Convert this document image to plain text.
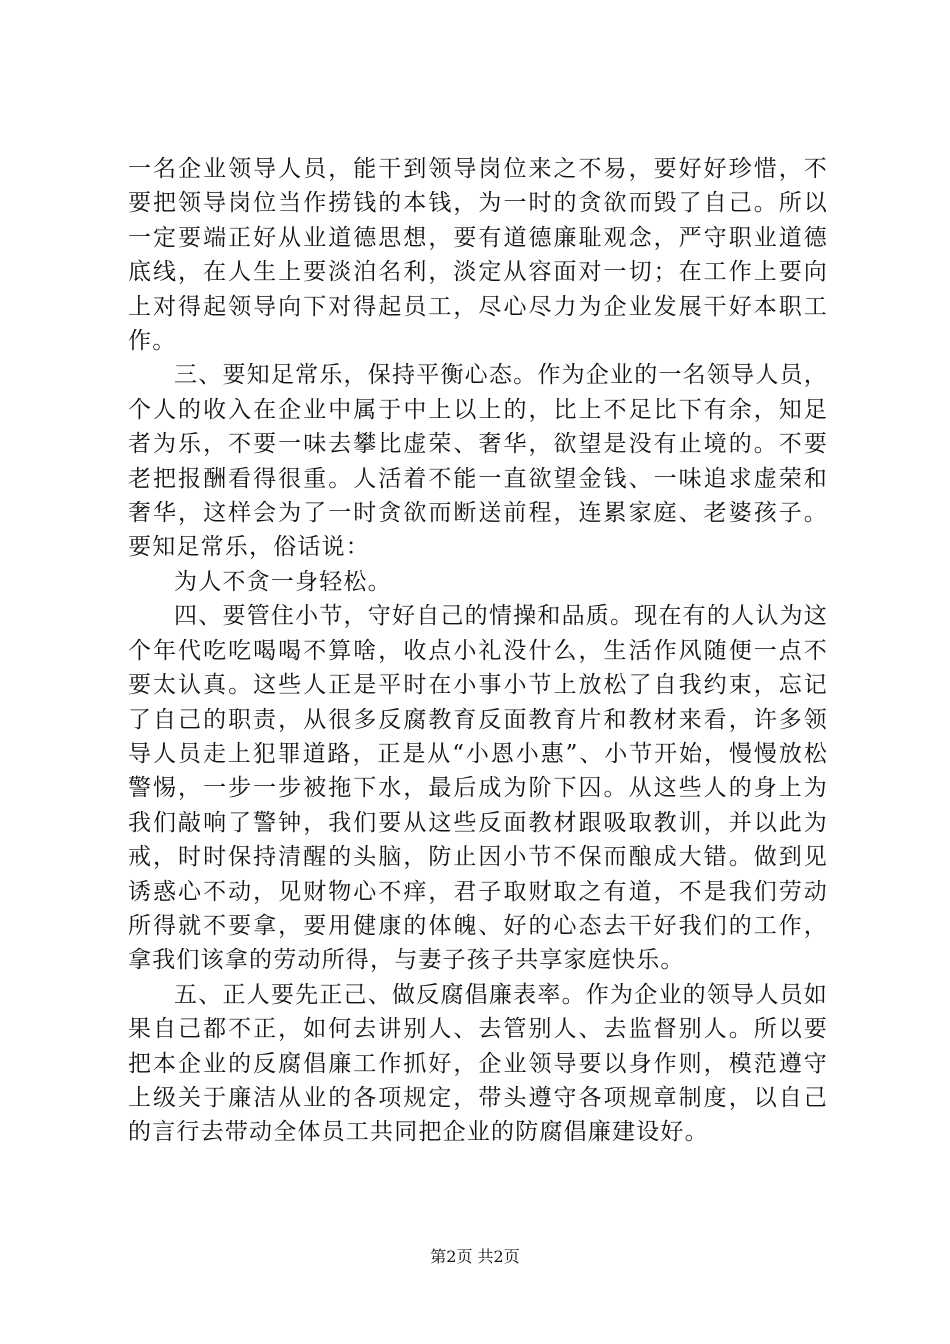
一名企业领导人员，能干到领导岗位来之不易，要好好珍惜，不要把领导岗位当作捞钱的本钱，为一时的贪欲而毁了自己。所以一定要端正好从业道德思想，要有道德廉耻观念，严守职业道德底线，在人生上要淡泊名利，淡定从容面对一切；在工作上要向上对得起领导向下对得起员工，尽心尽力为企业发展干好本职工作。

三、要知足常乐，保持平衡心态。作为企业的一名领导人员，个人的收入在企业中属于中上以上的，比上不足比下有余，知足者为乐，不要一味去攀比虚荣、奢华，欲望是没有止境的。不要老把报酬看得很重。人活着不能一直欲望金钱、一味追求虚荣和奢华，这样会为了一时贪欲而断送前程，连累家庭、老婆孩子。要知足常乐，俗话说：

为人不贪一身轻松。

四、要管住小节，守好自己的情操和品质。现在有的人认为这个年代吃吃喝喝不算啥，收点小礼没什么，生活作风随便一点不要太认真。这些人正是平时在小事小节上放松了自我约束，忘记了自己的职责，从很多反腐教育反面教育片和教材来看，许多领导人员走上犯罪道路，正是从“小恩小惠”、小节开始，慢慢放松警惕，一步一步被拖下水，最后成为阶下囚。从这些人的身上为我们敲响了警钟，我们要从这些反面教材跟吸取教训，并以此为戒，时时保持清醒的头脑，防止因小节不保而酿成大错。做到见诱惑心不动，见财物心不痒，君子取财取之有道，不是我们劳动所得就不要拿，要用健康的体魄、好的心态去干好我们的工作，拿我们该拿的劳动所得，与妻子孩子共享家庭快乐。

五、正人要先正己、做反腐倡廉表率。作为企业的领导人员如果自己都不正，如何去讲别人、去管别人、去监督别人。所以要把本企业的反腐倡廉工作抓好，企业领导要以身作则，模范遵守上级关于廉洁从业的各项规定，带头遵守各项规章制度，以自己的言行去带动全体员工共同把企业的防腐倡廉建设好。

第2页 共2页
